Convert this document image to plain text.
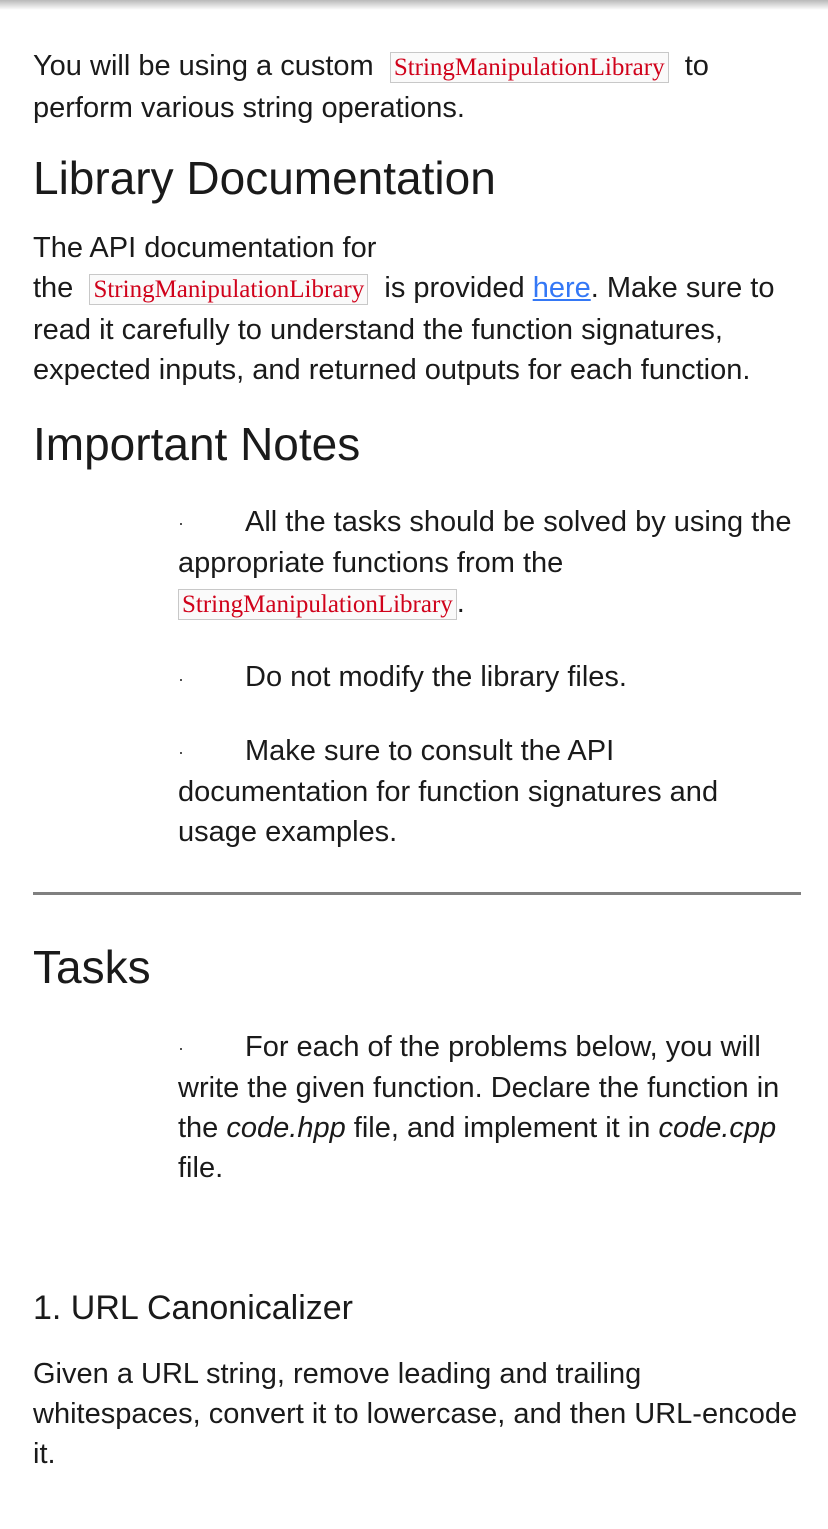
You will be using a custom StringManipulationLibrary to perform various string operations.

Library Documentation

The API documentation for
the StringManipulationLibrary is provided here. Make sure to read it carefully to understand the function signatures, expected inputs, and returned outputs for each function.

Important Notes

· All the tasks should be solved by using the appropriate functions from the StringManipulationLibrary .

· Do not modify the library files.

· Make sure to consult the API documentation for function signatures and usage examples.

Tasks

· For each of the problems below, you will write the given function. Declare the function in the code.hpp file, and implement it in code.cpp file.

1. URL Canonicalizer

Given a URL string, remove leading and trailing whitespaces, convert it to lowercase, and then URL-encode it.
